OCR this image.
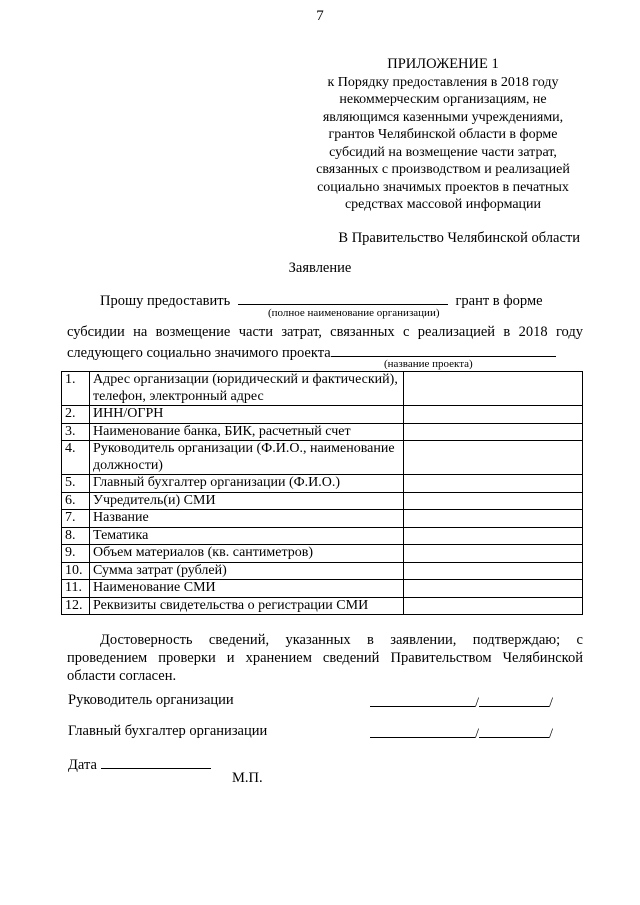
7
ПРИЛОЖЕНИЕ 1
к Порядку предоставления в 2018 году
некоммерческим организациям, не
являющимся казенными учреждениями,
грантов Челябинской области в форме
субсидий на возмещение части затрат,
связанных с производством и реализацией
социально значимых проектов в печатных
средствах массовой информации
В Правительство Челябинской области
Заявление
Прошу предоставить	грант в форме
(полное наименование организации)
субсидии на возмещение части затрат, связанных с реализацией в 2018 году
следующего социально значимого проекта
(название проекта)
1.	Адрес организации (юридический и фактический), телефон, электронный адрес	
2.	ИНН/ОГРН	
3.	Наименование банка, БИК, расчетный счет	
4.	Руководитель организации (Ф.И.О., наименование должности)	
5.	Главный бухгалтер организации (Ф.И.О.)	
6.	Учредитель(и) СМИ	
7.	Название	
8.	Тематика	
9.	Объем материалов (кв. сантиметров)	
10.	Сумма затрат (рублей)	
11.	Наименование СМИ	
12.	Реквизиты свидетельства о регистрации СМИ	
Достоверность сведений, указанных в заявлении, подтверждаю; с проведением проверки и хранением сведений Правительством Челябинской области согласен.
Руководитель организации	/	/
Главный бухгалтер организации	/	/
Дата
М.П.
